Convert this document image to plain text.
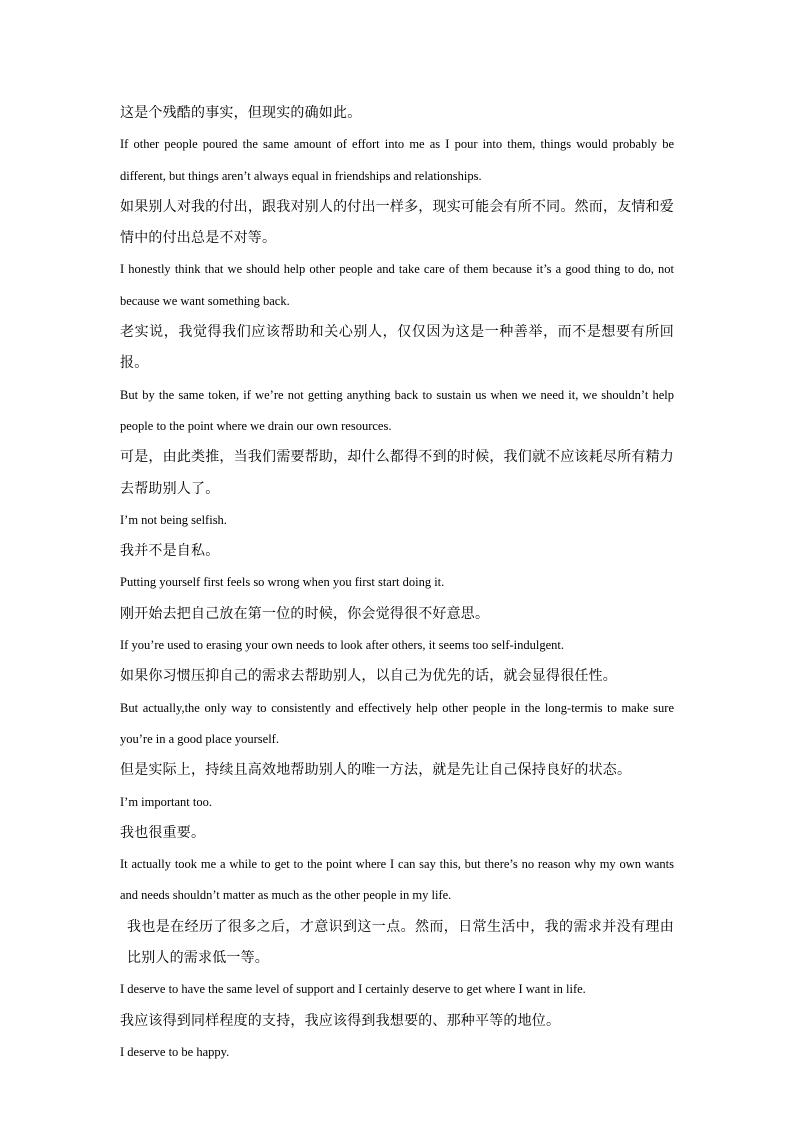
这是个残酷的事实，但现实的确如此。

If other people poured the same amount of effort into me as I pour into them, things would probably be different, but things aren’t always equal in friendships and relationships.

如果别人对我的付出，跟我对别人的付出一样多，现实可能会有所不同。然而，友情和爱情中的付出总是不对等。

I honestly think that we should help other people and take care of them because it’s a good thing to do, not because we want something back.

老实说，我觉得我们应该帮助和关心别人，仅仅因为这是一种善举，而不是想要有所回报。

But by the same token, if we’re not getting anything back to sustain us when we need it, we shouldn’t help people to the point where we drain our own resources.

可是，由此类推，当我们需要帮助，却什么都得不到的时候，我们就不应该耗尽所有精力去帮助别人了。

I’m not being selfish.

我并不是自私。

Putting yourself first feels so wrong when you first start doing it.

刚开始去把自己放在第一位的时候，你会觉得很不好意思。

If you’re used to erasing your own needs to look after others, it seems too self-indulgent.

如果你习惯压抑自己的需求去帮助别人，以自己为优先的话，就会显得很任性。

But actually,the only way to consistently and effectively help other people in the long-termis to make sure you’re in a good place yourself.

但是实际上，持续且高效地帮助别人的唯一方法，就是先让自己保持良好的状态。

I’m important too.

我也很重要。

It actually took me a while to get to the point where I can say this, but there’s no reason why my own wants and needs shouldn’t matter as much as the other people in my life.

我也是在经历了很多之后，才意识到这一点。然而，日常生活中，我的需求并没有理由比别人的需求低一等。

I deserve to have the same level of support and I certainly deserve to get where I want in life.

我应该得到同样程度的支持，我应该得到我想要的、那种平等的地位。

I deserve to be happy.
